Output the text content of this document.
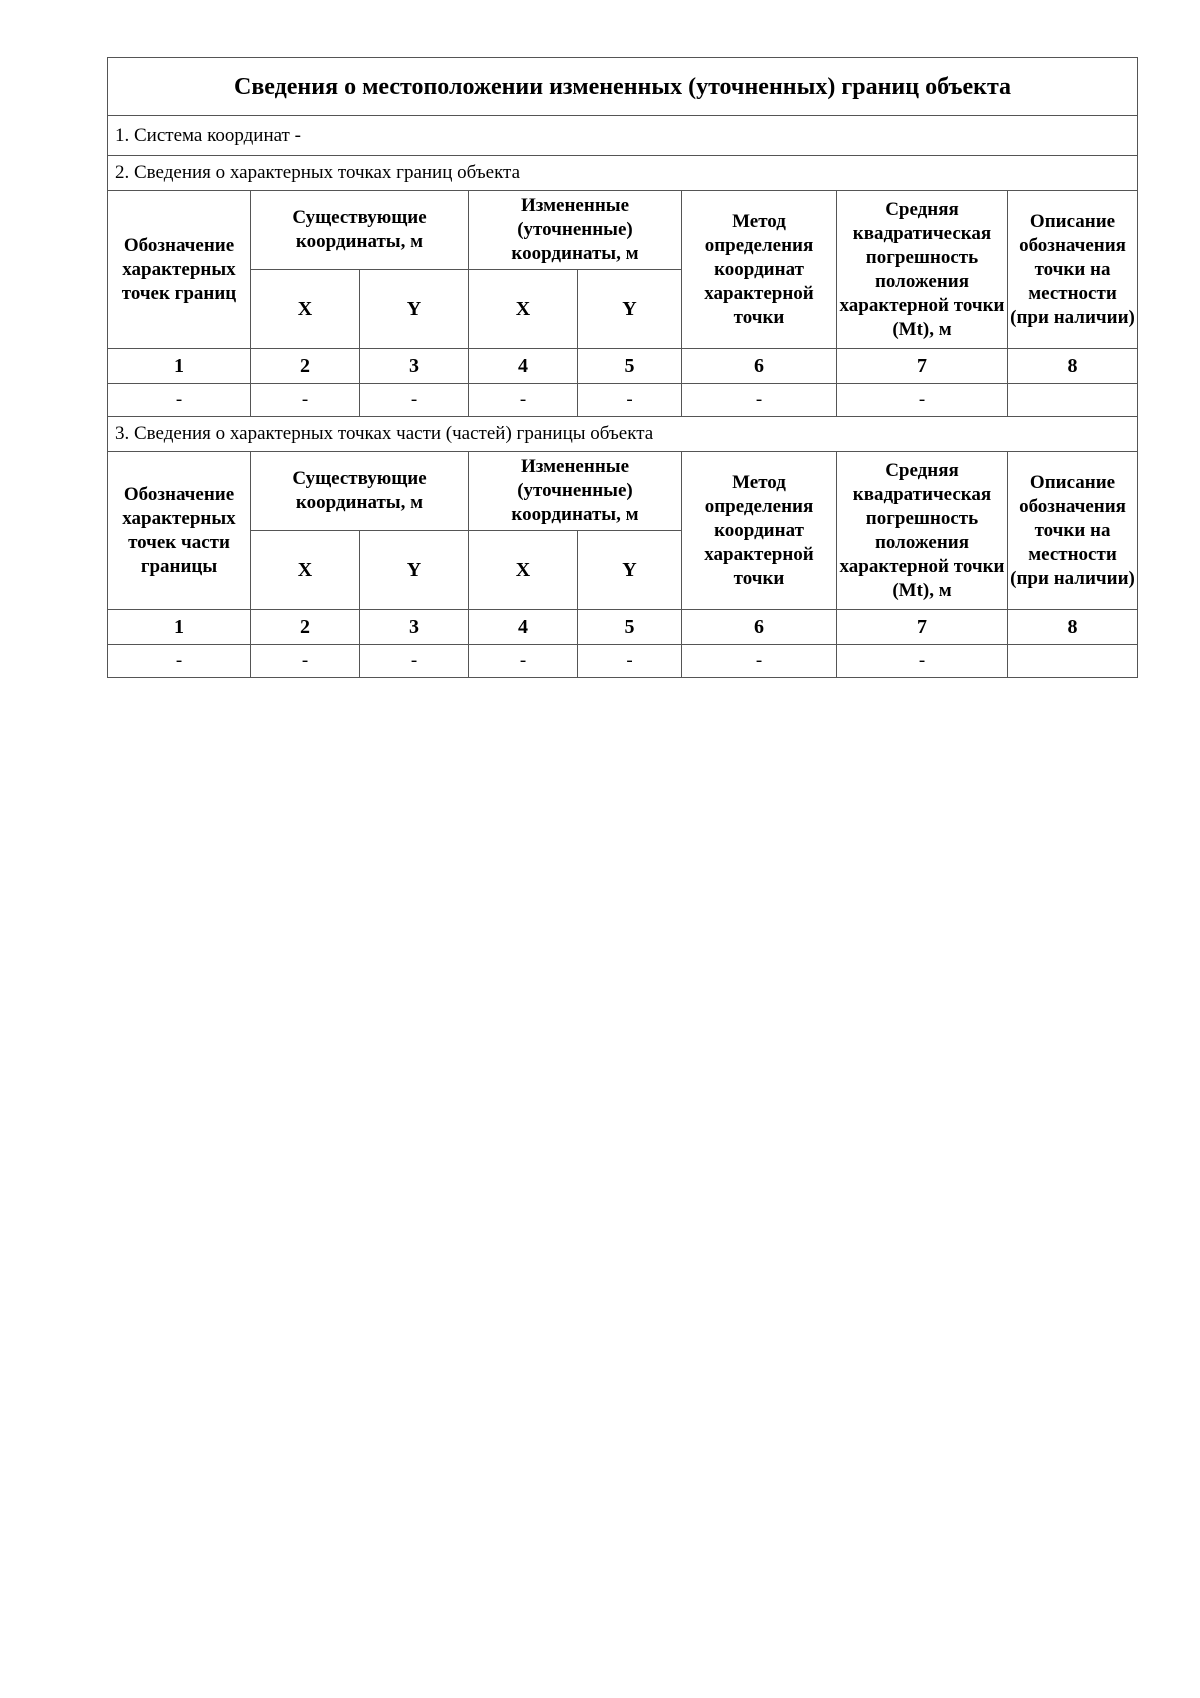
Сведения о местоположении измененных (уточненных) границ объекта							
1. Система координат -							
2. Сведения о характерных точках границ объекта							
Обозначение характерных точек границ	Существующие координаты, м		Измененные (уточненные) координаты, м		Метод определения координат характерной точки	Средняя квадратическая погрешность положения характерной точки (Mt), м	Описание обозначения точки на местности (при наличии)
	X	Y	X	Y			
1	2	3	4	5	6	7	8
-	-	-	-	-	-	-	
3. Сведения о характерных точках части (частей) границы объекта							
Обозначение характерных точек части границы	Существующие координаты, м		Измененные (уточненные) координаты, м		Метод определения координат характерной точки	Средняя квадратическая погрешность положения характерной точки (Mt), м	Описание обозначения точки на местности (при наличии)
	X	Y	X	Y			
1	2	3	4	5	6	7	8
-	-	-	-	-	-	-	
